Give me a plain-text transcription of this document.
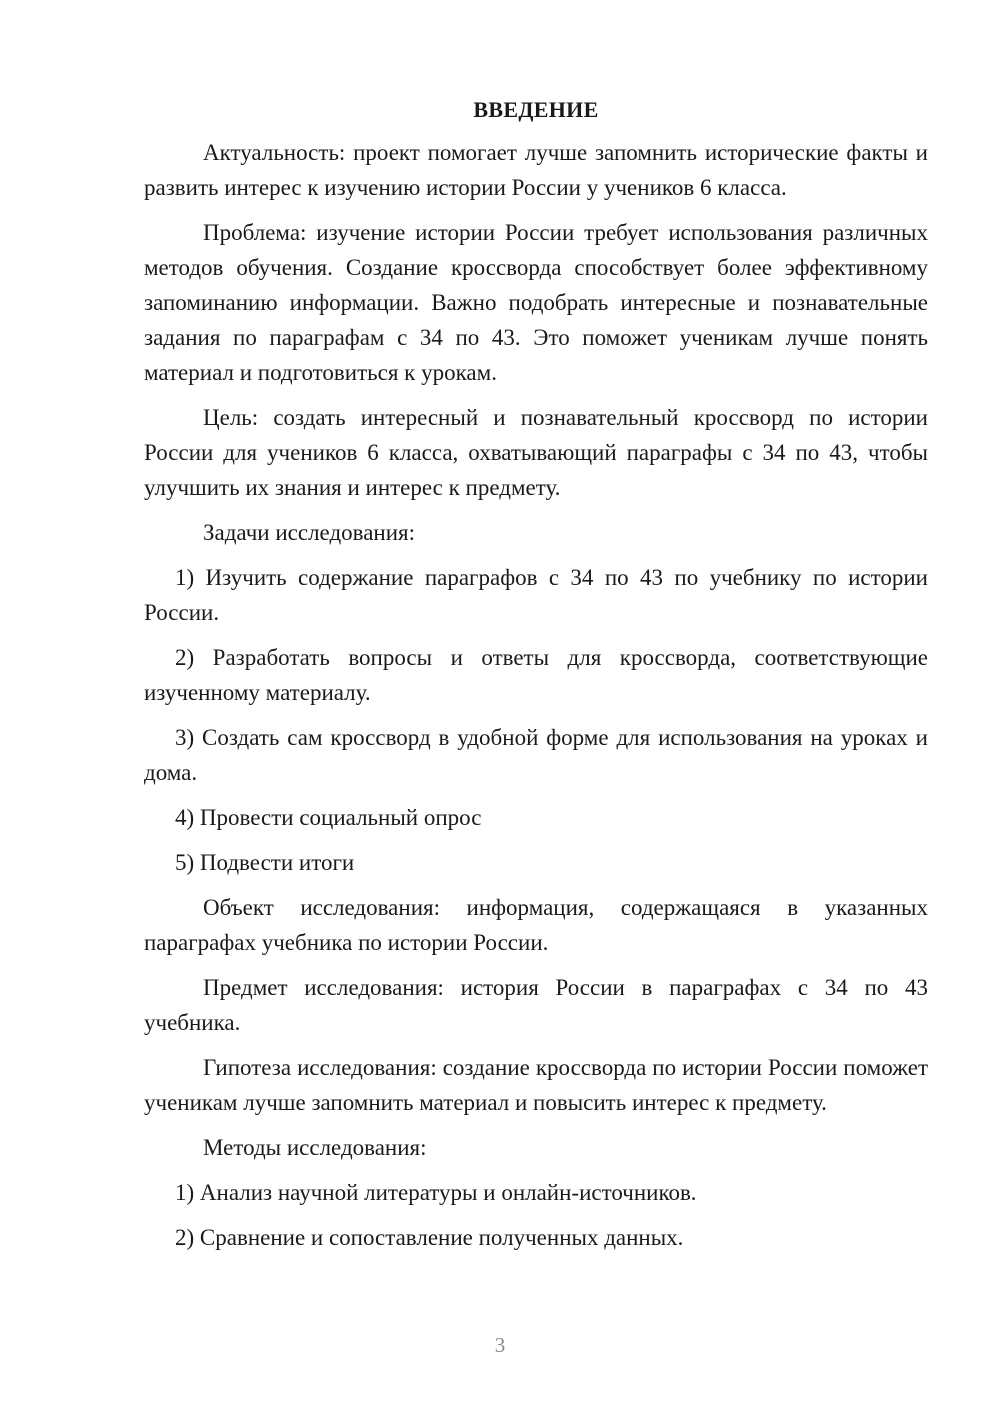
ВВЕДЕНИЕ

Актуальность: проект помогает лучше запомнить исторические факты и развить интерес к изучению истории России у учеников 6 класса.

Проблема: изучение истории России требует использования различных методов обучения. Создание кроссворда способствует более эффективному запоминанию информации. Важно подобрать интересные и познавательные задания по параграфам с 34 по 43. Это поможет ученикам лучше понять материал и подготовиться к урокам.

Цель: создать интересный и познавательный кроссворд по истории России для учеников 6 класса, охватывающий параграфы с 34 по 43, чтобы улучшить их знания и интерес к предмету.

Задачи исследования:

1) Изучить содержание параграфов с 34 по 43 по учебнику по истории России.

2) Разработать вопросы и ответы для кроссворда, соответствующие изученному материалу.

3) Создать сам кроссворд в удобной форме для использования на уроках и дома.

4) Провести социальный опрос

5) Подвести итоги

Объект исследования: информация, содержащаяся в указанных параграфах учебника по истории России.

Предмет исследования: история России в параграфах с 34 по 43 учебника.

Гипотеза исследования: создание кроссворда по истории России поможет ученикам лучше запомнить материал и повысить интерес к предмету.

Методы исследования:

1) Анализ научной литературы и онлайн-источников.

2) Сравнение и сопоставление полученных данных.

3
